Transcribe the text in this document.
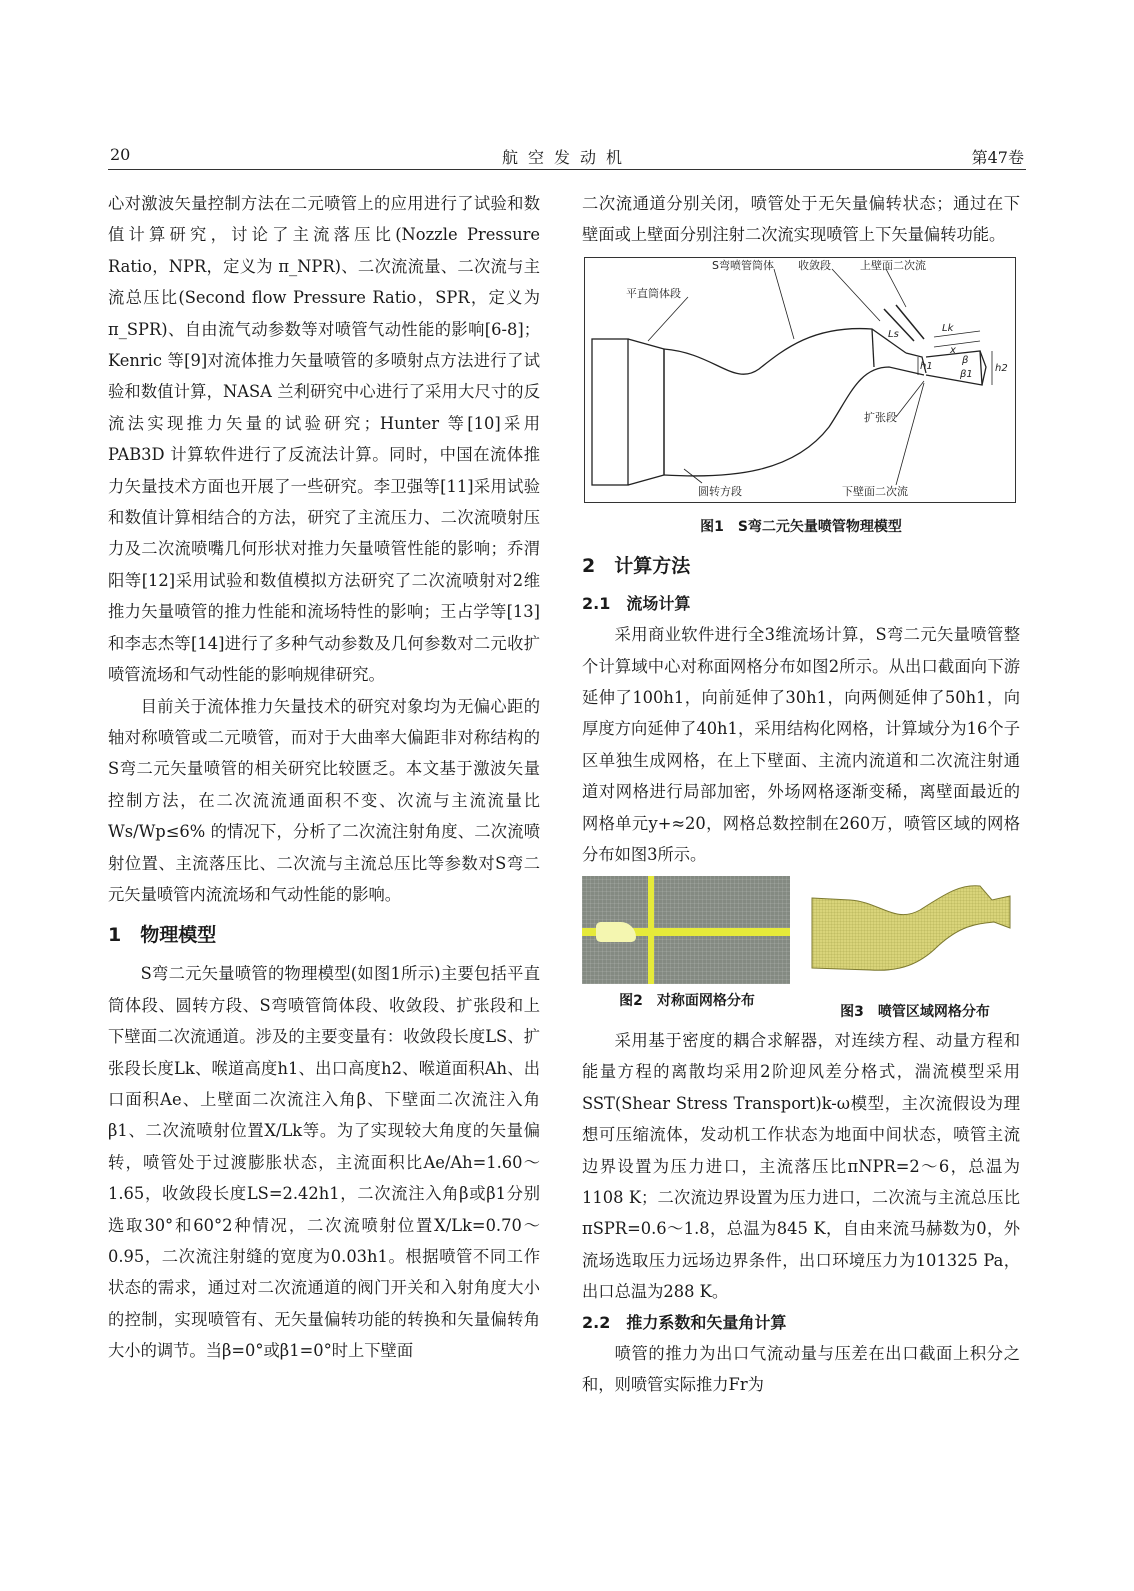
20	航空发动机	第47卷

心对激波矢量控制方法在二元喷管上的应用进行了试验和数值计算研究，讨论了主流落压比(Nozzle Pressure Ratio，NPR，定义为 π_NPR)、二次流流量、二次流与主流总压比(Second flow Pressure Ratio，SPR，定义为 π_SPR)、自由流气动参数等对喷管气动性能的影响[6-8]；Kenric 等[9]对流体推力矢量喷管的多喷射点方法进行了试验和数值计算，NASA 兰利研究中心进行了采用大尺寸的反流法实现推力矢量的试验研究；Hunter 等[10]采用 PAB3D 计算软件进行了反流法计算。同时，中国在流体推力矢量技术方面也开展了一些研究。李卫强等[11]采用试验和数值计算相结合的方法，研究了主流压力、二次流喷射压力及二次流喷嘴几何形状对推力矢量喷管性能的影响；乔渭阳等[12]采用试验和数值模拟方法研究了二次流喷射对2维推力矢量喷管的推力性能和流场特性的影响；王占学等[13]和李志杰等[14]进行了多种气动参数及几何参数对二元收扩喷管流场和气动性能的影响规律研究。

目前关于流体推力矢量技术的研究对象均为无偏心距的轴对称喷管或二元喷管，而对于大曲率大偏距非对称结构的S弯二元矢量喷管的相关研究比较匮乏。本文基于激波矢量控制方法，在二次流流通面积不变、次流与主流流量比 Ws/Wp≤6% 的情况下，分析了二次流注射角度、二次流喷射位置、主流落压比、二次流与主流总压比等参数对S弯二元矢量喷管内流流场和气动性能的影响。

1　物理模型

S弯二元矢量喷管的物理模型(如图1所示)主要包括平直筒体段、圆转方段、S弯喷管筒体段、收敛段、扩张段和上下壁面二次流通道。涉及的主要变量有：收敛段长度LS、扩张段长度Lk、喉道高度h1、出口高度h2、喉道面积Ah、出口面积Ae、上壁面二次流注入角β、下壁面二次流注入角β1、二次流喷射位置X/Lk等。为了实现较大角度的矢量偏转，喷管处于过渡膨胀状态，主流面积比Ae/Ah=1.60～1.65，收敛段长度LS=2.42h1，二次流注入角β或β1分别选取30°和60°2种情况，二次流喷射位置X/Lk=0.70～0.95，二次流注射缝的宽度为0.03h1。根据喷管不同工作状态的需求，通过对二次流通道的阀门开关和入射角度大小的控制，实现喷管有、无矢量偏转功能的转换和矢量偏转角大小的调节。当β=0°或β1=0°时上下壁面

二次流通道分别关闭，喷管处于无矢量偏转状态；通过在下壁面或上壁面分别注射二次流实现喷管上下矢量偏转功能。

S弯喷管筒体 收敛段	上壁面二次流
平直筒体段
扩张段
圆转方段	下壁面二次流
Lk
Ls
x
h1	h2
β
β1
图1　S弯二元矢量喷管物理模型
2　计算方法
2.1　流场计算

采用商业软件进行全3维流场计算，S弯二元矢量喷管整个计算域中心对称面网格分布如图2所示。从出口截面向下游延伸了100h1，向前延伸了30h1，向两侧延伸了50h1，向厚度方向延伸了40h1，采用结构化网格，计算域分为16个子区单独生成网格，在上下壁面、主流内流道和二次流注射通道对网格进行局部加密，外场网格逐渐变稀，离壁面最近的网格单元y+≈20，网格总数控制在260万，喷管区域的网格分布如图3所示。

图2　对称面网格分布
图3　喷管区域网格分布

采用基于密度的耦合求解器，对连续方程、动量方程和能量方程的离散均采用2阶迎风差分格式，湍流模型采用SST(Shear Stress Transport)k-ω模型，主次流假设为理想可压缩流体，发动机工作状态为地面中间状态，喷管主流边界设置为压力进口，主流落压比πNPR=2～6，总温为1108 K；二次流边界设置为压力进口，二次流与主流总压比πSPR=0.6～1.8，总温为845 K，自由来流马赫数为0，外流场选取压力远场边界条件，出口环境压力为101325 Pa，出口总温为288 K。

2.2　推力系数和矢量角计算

喷管的推力为出口气流动量与压差在出口截面上积分之和，则喷管实际推力Fr为
